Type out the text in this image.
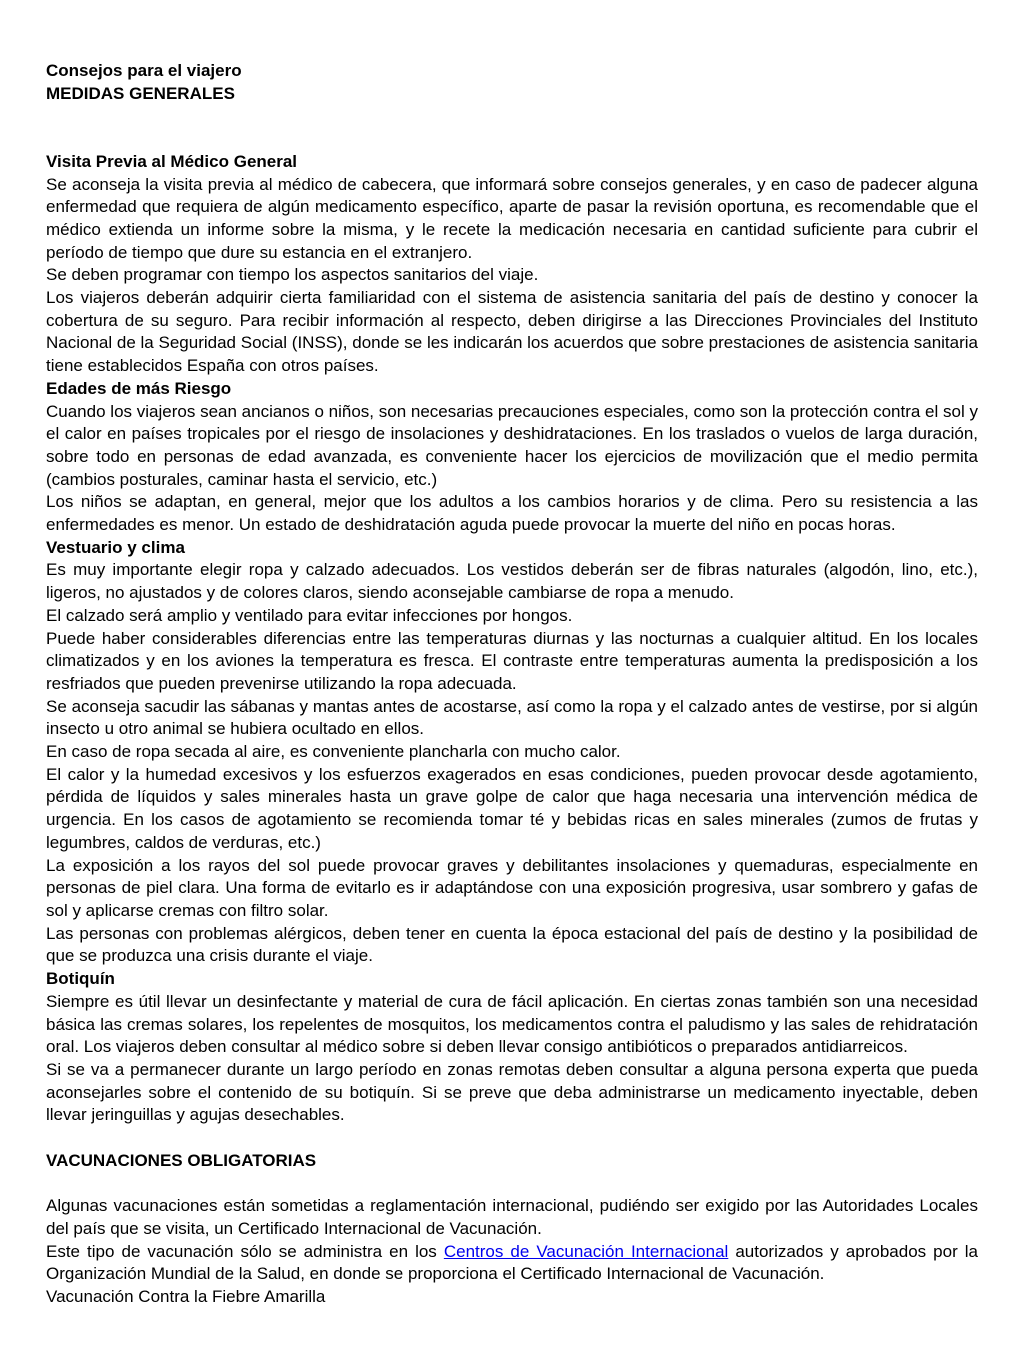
Consejos para el viajero

MEDIDAS GENERALES

Visita Previa al Médico General

Se aconseja la visita previa al médico de cabecera, que informará sobre consejos generales, y en caso de padecer alguna enfermedad que requiera de algún medicamento específico, aparte de pasar la revisión oportuna, es recomendable que el médico extienda un informe sobre la misma, y le recete la medicación necesaria en cantidad suficiente para cubrir el período de tiempo que dure su estancia en el extranjero.

Se deben programar con tiempo los aspectos sanitarios del viaje.

Los viajeros deberán adquirir cierta familiaridad con el sistema de asistencia sanitaria del país de destino y conocer la cobertura de su seguro. Para recibir información al respecto, deben dirigirse a las Direcciones Provinciales del Instituto Nacional de la Seguridad Social (INSS), donde se les indicarán los acuerdos que sobre prestaciones de asistencia sanitaria tiene establecidos España con otros países.

Edades de más Riesgo

Cuando los viajeros sean ancianos o niños, son necesarias precauciones especiales, como son la protección contra el sol y el calor en países tropicales por el riesgo de insolaciones y deshidrataciones. En los traslados o vuelos de larga duración, sobre todo en personas de edad avanzada, es conveniente hacer los ejercicios de movilización que el medio permita (cambios posturales, caminar hasta el servicio, etc.)

Los niños se adaptan, en general, mejor que los adultos a los cambios horarios y de clima. Pero su resistencia a las enfermedades es menor. Un estado de deshidratación aguda puede provocar la muerte del niño en pocas horas.

Vestuario y clima

Es muy importante elegir ropa y calzado adecuados. Los vestidos deberán ser de fibras naturales (algodón, lino, etc.), ligeros, no ajustados y de colores claros, siendo aconsejable cambiarse de ropa a menudo.

El calzado será amplio y ventilado para evitar infecciones por hongos.

Puede haber considerables diferencias entre las temperaturas diurnas y las nocturnas a cualquier altitud. En los locales climatizados y en los aviones la temperatura es fresca. El contraste entre temperaturas aumenta la predisposición a los resfriados que pueden prevenirse utilizando la ropa adecuada.

Se aconseja sacudir las sábanas y mantas antes de acostarse, así como la ropa y el calzado antes de vestirse, por si algún insecto u otro animal se hubiera ocultado en ellos.

En caso de ropa secada al aire, es conveniente plancharla con mucho calor.

El calor y la humedad excesivos y los esfuerzos exagerados en esas condiciones, pueden provocar desde agotamiento, pérdida de líquidos y sales minerales hasta un grave golpe de calor que haga necesaria una intervención médica de urgencia. En los casos de agotamiento se recomienda tomar té y bebidas ricas en sales minerales (zumos de frutas y legumbres, caldos de verduras, etc.)

La exposición a los rayos del sol puede provocar graves y debilitantes insolaciones y quemaduras, especialmente en personas de piel clara. Una forma de evitarlo es ir adaptándose con una exposición progresiva, usar sombrero y gafas de sol y aplicarse cremas con filtro solar.

Las personas con problemas alérgicos, deben tener en cuenta la época estacional del país de destino y la posibilidad de que se produzca una crisis durante el viaje.

Botiquín

Siempre es útil llevar un desinfectante y material de cura de fácil aplicación. En ciertas zonas también son una necesidad básica las cremas solares, los repelentes de mosquitos, los medicamentos contra el paludismo y las sales de rehidratación oral. Los viajeros deben consultar al médico sobre si deben llevar consigo antibióticos o preparados antidiarreicos.

Si se va a permanecer durante un largo período en zonas remotas deben consultar a alguna persona experta que pueda aconsejarles sobre el contenido de su botiquín. Si se preve que deba administrarse un medicamento inyectable, deben llevar jeringuillas y agujas desechables.

VACUNACIONES OBLIGATORIAS

Algunas vacunaciones están sometidas a reglamentación internacional, pudiéndo ser exigido por las Autoridades Locales del país que se visita, un Certificado Internacional de Vacunación.

Este tipo de vacunación sólo se administra en los Centros de Vacunación Internacional autorizados y aprobados por la Organización Mundial de la Salud, en donde se proporciona el Certificado Internacional de Vacunación.

Vacunación Contra la Fiebre Amarilla
